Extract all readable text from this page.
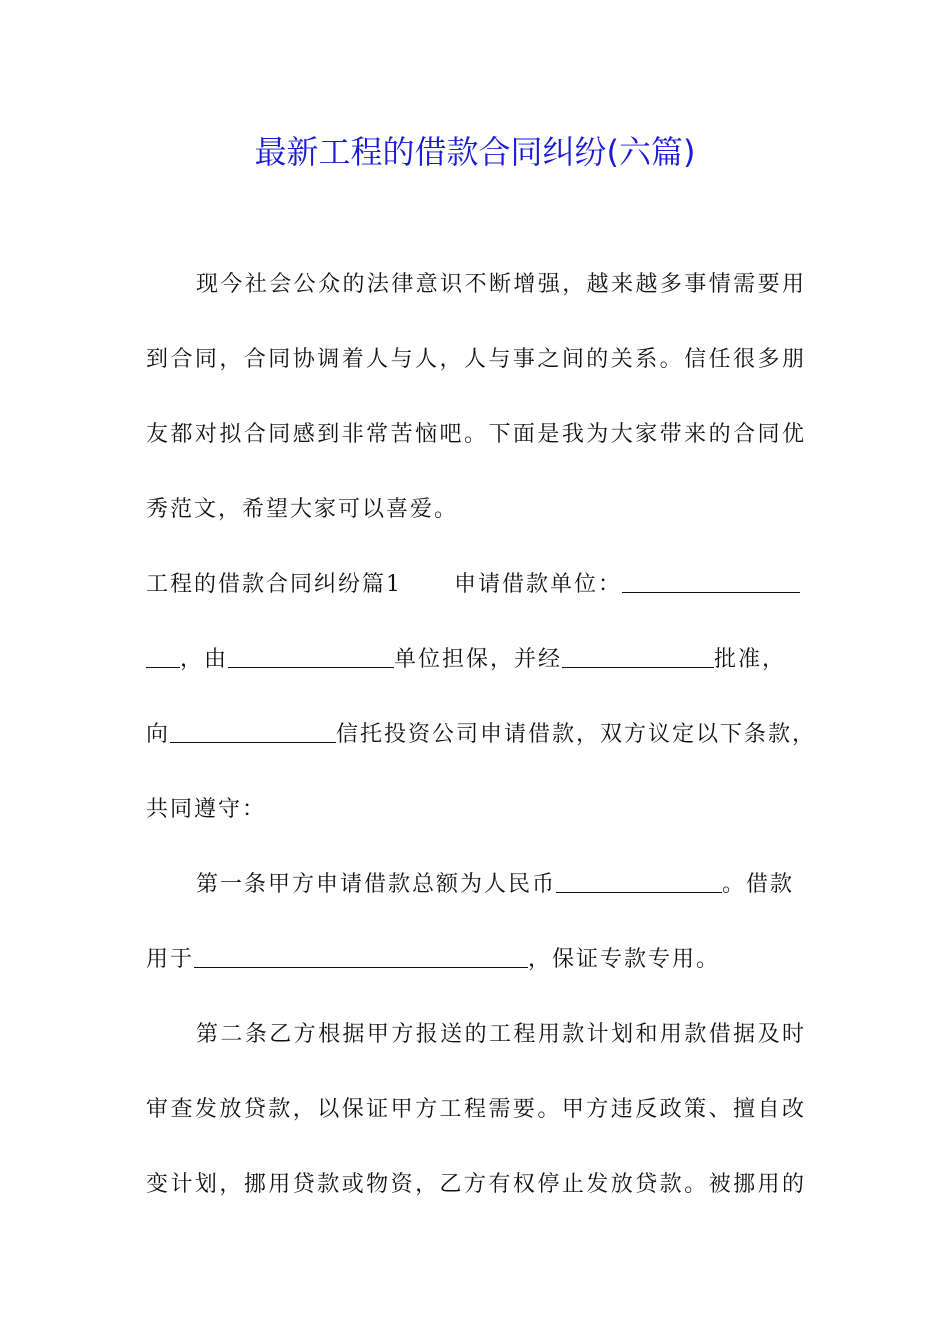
最新工程的借款合同纠纷(六篇)

现今社会公众的法律意识不断增强，越来越多事情需要用

到合同，合同协调着人与人，人与事之间的关系。信任很多朋

友都对拟合同感到非常苦恼吧。下面是我为大家带来的合同优

秀范文，希望大家可以喜爱。

工程的借款合同纠纷篇1 申请借款单位：

，由	单位担保，并经	批准，

向	信托投资公司申请借款，双方议定以下条款，

共同遵守：

第一条甲方申请借款总额为人民币	。借款

用于	，保证专款专用。

第二条乙方根据甲方报送的工程用款计划和用款借据及时

审查发放贷款，以保证甲方工程需要。甲方违反政策、擅自改

变计划，挪用贷款或物资，乙方有权停止发放贷款。被挪用的
